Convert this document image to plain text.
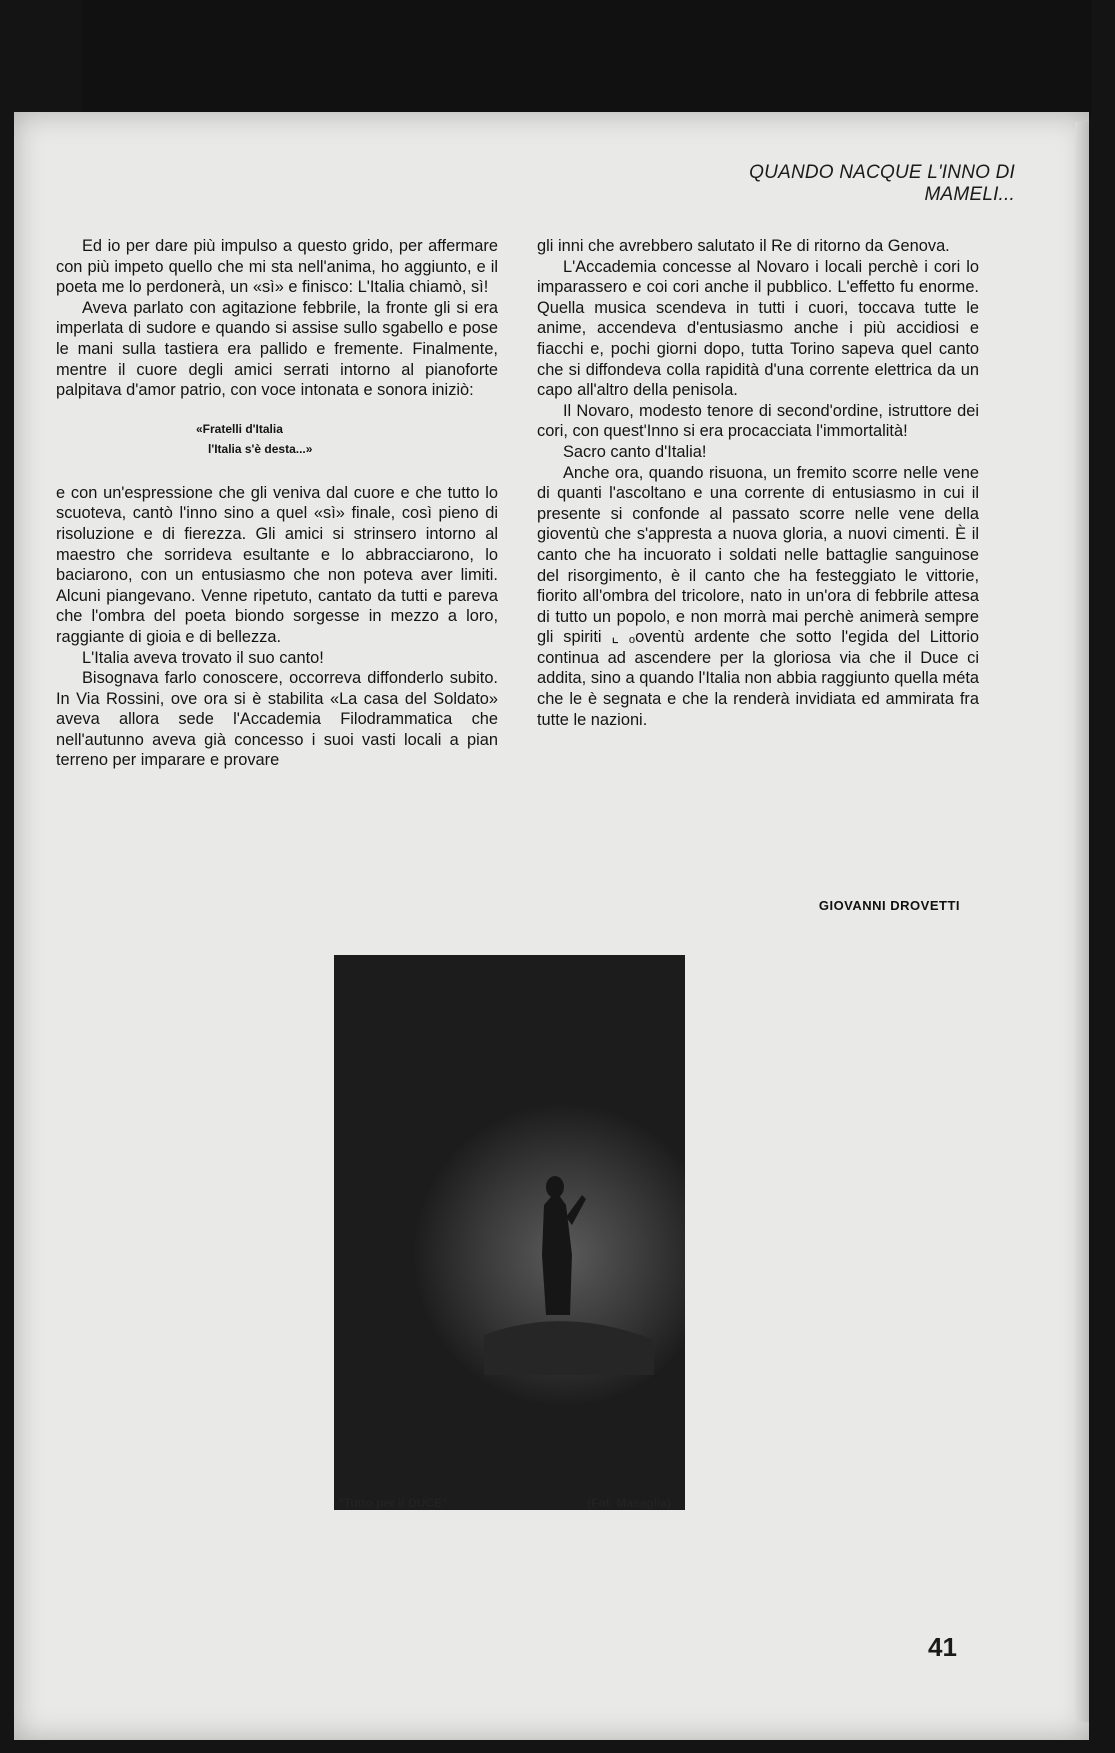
QUANDO NACQUE L'INNO DI MAMELI...

Ed io per dare più impulso a questo grido, per affermare con più impeto quello che mi sta nell'anima, ho aggiunto, e il poeta me lo perdonerà, un «sì» e finisco: L'Italia chiamò, sì!

Aveva parlato con agitazione febbrile, la fronte gli si era imperlata di sudore e quando si assise sullo sgabello e pose le mani sulla tastiera era pallido e fremente. Finalmente, mentre il cuore degli amici serrati intorno al pianoforte palpitava d'amor patrio, con voce intonata e sonora iniziò:

«Fratelli d'Italia
l'Italia s'è desta...»

e con un'espressione che gli veniva dal cuore e che tutto lo scuoteva, cantò l'inno sino a quel «sì» finale, così pieno di risoluzione e di fierezza. Gli amici si strinsero intorno al maestro che sorrideva esultante e lo abbracciarono, lo baciarono, con un entusiasmo che non poteva aver limiti. Alcuni piangevano. Venne ripetuto, cantato da tutti e pareva che l'ombra del poeta biondo sorgesse in mezzo a loro, raggiante di gioia e di bellezza.

L'Italia aveva trovato il suo canto!

Bisognava farlo conoscere, occorreva diffonderlo subito. In Via Rossini, ove ora si è stabilita «La casa del Soldato» aveva allora sede l'Accademia Filodrammatica che nell'autunno aveva già concesso i suoi vasti locali a pian terreno per imparare e provare

gli inni che avrebbero salutato il Re di ritorno da Genova.

L'Accademia concesse al Novaro i locali perchè i cori lo imparassero e coi cori anche il pubblico. L'effetto fu enorme. Quella musica scendeva in tutti i cuori, toccava tutte le anime, accendeva d'entusiasmo anche i più accidiosi e fiacchi e, pochi giorni dopo, tutta Torino sapeva quel canto che si diffondeva colla rapidità d'una corrente elettrica da un capo all'altro della penisola.

Il Novaro, modesto tenore di second'ordine, istruttore dei cori, con quest'Inno si era procacciata l'immortalità!

Sacro canto d'Italia!

Anche ora, quando risuona, un fremito scorre nelle vene di quanti l'ascoltano e una corrente di entusiasmo in cui il presente si confonde al passato scorre nelle vene della gioventù che s'appresta a nuova gloria, a nuovi cimenti. È il canto che ha incuorato i soldati nelle battaglie sanguinose del risorgimento, è il canto che ha festeggiato le vittorie, fiorito all'ombra del tricolore, nato in un'ora di febbrile attesa di tutto un popolo, e non morrà mai perchè animerà sempre gli spiriti ⌞ ₒoventù ardente che sotto l'egida del Littorio continua ad ascendere per la gloriosa via che il Duce ci addita, sino a quando l'Italia non abbia raggiunto quella méta che le è segnata e che la renderà invidiata ed ammirata fra tutte le nazioni.

GIOVANNI DROVETTI
"Tutto per il DUCE"	(Fot. Masaglia)
41
